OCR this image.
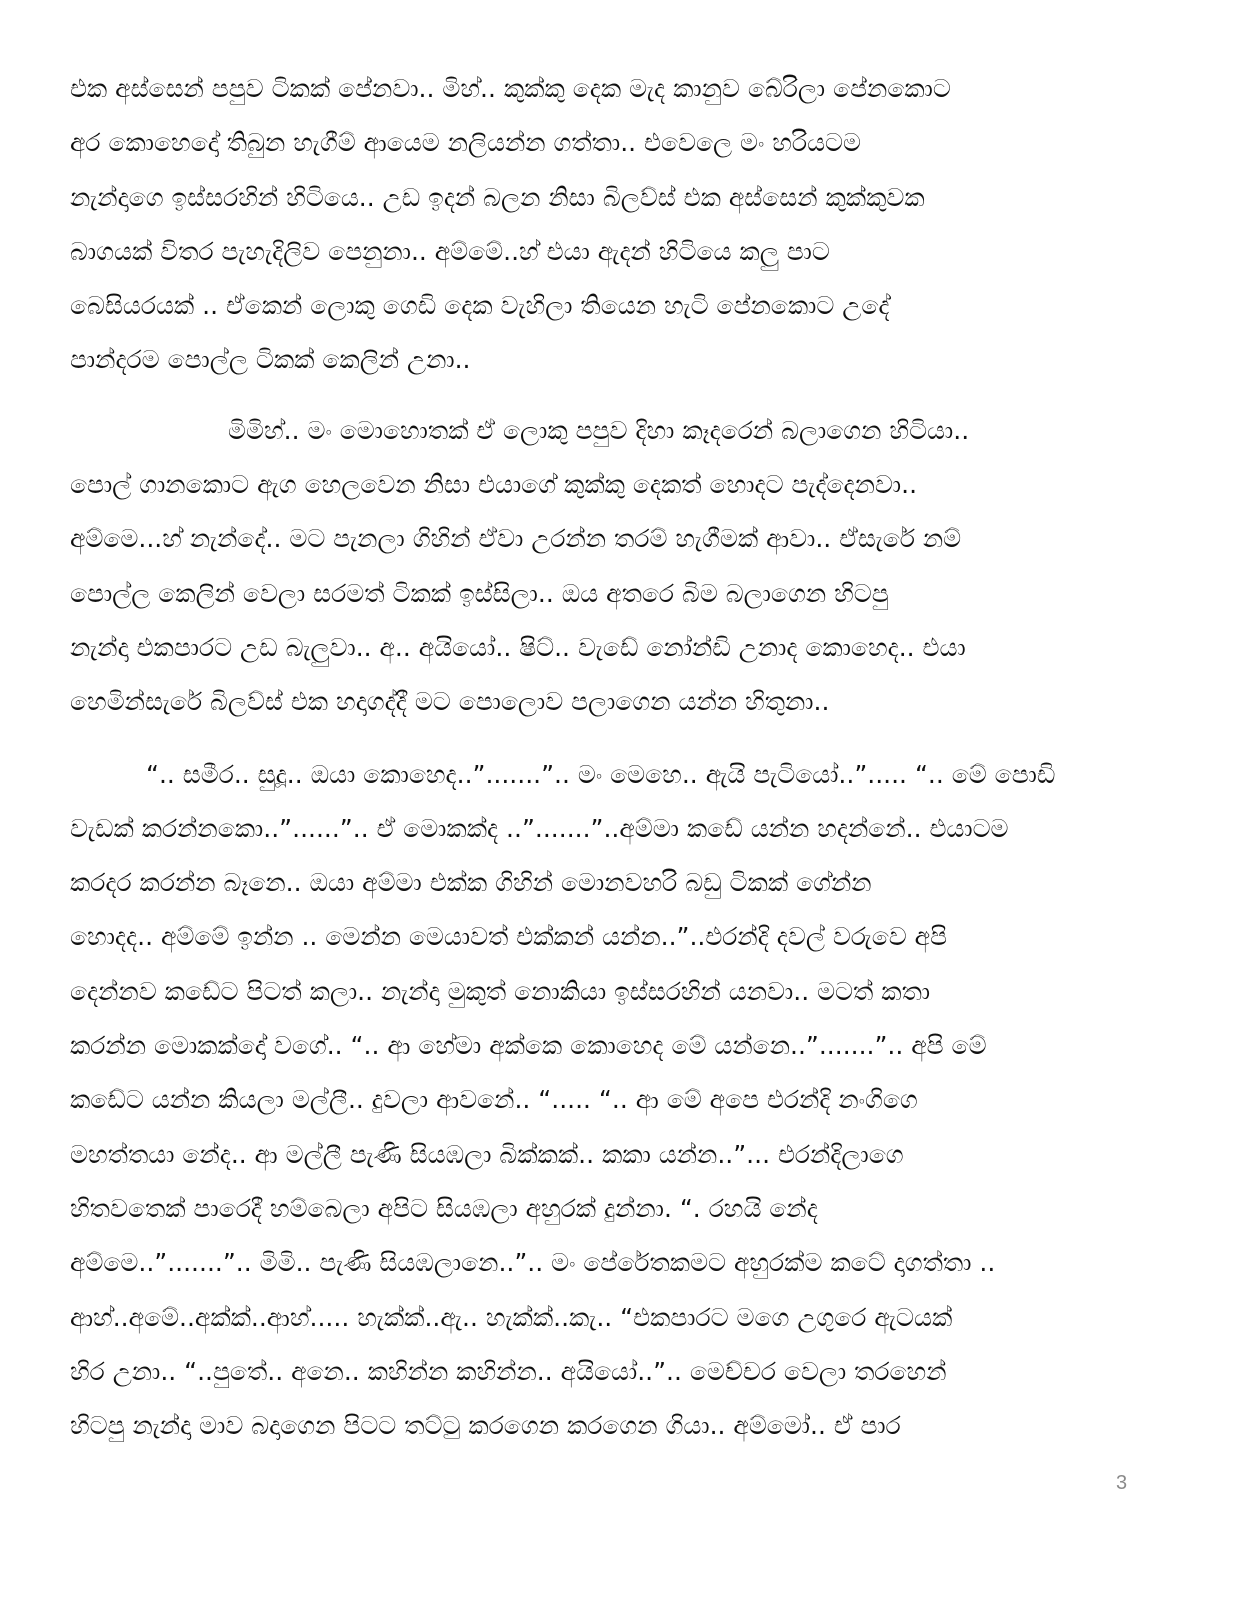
එක අස්සෙන් පපුව ටිකක් පේනවා.. මිහ්.. කුක්කු දෙක මැද කානුව බේරිලා පේනකොට
අර කොහෙදෝ තිබුන හැගීම් ආයෙම නලියන්න ගත්තා.. එවෙලෙ මං හරියටම
නැන්දාගෙ ඉස්සරහින් හිටියෙ.. උඩ ඉදන් බලන නිසා බිලව්ස් එක අස්සෙන් කුක්කුවක
බාගයක් විතර පැහැදිලිව පෙනුනා.. අම්මේ..හ් එයා ඇදන් හිටියෙ කලු පාට
බෙසියරයක් .. ඒකෙන් ලොකු ගෙඩි දෙක වැහිලා තියෙන හැටි පේනකොට උදේ
පාන්දරම පොල්ල ටිකක් කෙලින් උනා..

මිමිහ්.. මං මොහොතක් ඒ ලොකු පපුව දිහා කෑදරෙන් බලාගෙන හිටියා..
පොල් ගානකොට ඇග හෙලවෙන නිසා එයාගේ කුක්කු දෙකත් හොදට පැද්දෙනවා..
අම්මෙ...හ් නැන්දේ.. මට පැනලා ගිහින් ඒවා උරන්න තරම් හැගීමක් ආවා.. ඒසැරේ නම්
පොල්ල කෙලින් වෙලා සරමත් ටිකක් ඉස්සිලා.. ඔය අතරෙ බිම බලාගෙන හිටපු
නැන්දා එකපාරට උඩ බැලුවා.. අ.. අයියෝ.. ෂිට්.. වැඩේ නෝන්ඩි උනාද කොහෙද.. එයා
හෙමින්සැරේ බිලව්ස් එක හදාගද්දී මට පොලොව පලාගෙන යන්න හිතුනා..

“.. සමීර.. සුදූ.. ඔයා කොහෙද..”.......”.. මං මෙහෙ.. ඇයි පැටියෝ..”..... “.. මේ පොඩි
වැඩක් කරන්නකො..”......”.. ඒ මොකක්ද ..”.......”..අම්මා කඩේ යන්න හදන්නේ.. එයාටම
කරදර කරන්න බෑනෙ.. ඔයා අම්මා එක්ක ගිහින් මොනවහරි බඩු ටිකක් ගේන්න
හොදද.. අම්මේ ඉන්න .. මෙන්න මෙයාවත් එක්කන් යන්න..”..එරන්දි දවල් වරුවෙ අපි
දෙන්නව කඩේට පිටත් කලා.. නැන්දා මුකුත් නොකියා ඉස්සරහින් යනවා.. මටත් කතා
කරන්න මොකක්දෝ වගේ.. “.. ආ හේමා අක්කෙ කොහෙද මේ යන්නෙ..”.......”.. අපි මේ
කඩේට යන්න කියලා මල්ලී.. දුවලා ආවනේ.. “..... “.. ආ මේ අපෙ එරන්දි නංගිගෙ
මහත්තයා නේද.. ආ මල්ලී පැණි සියඹලා බික්කක්.. කකා යන්න..”... එරන්දිලාගෙ
හිතවතෙක් පාරෙදී හම්බෙලා අපිට සියඹලා අහුරක් දුන්නා. “. රහයි නේද
අම්මෙ..”.......”.. මිමි.. පැණි සියඹලානෙ..”.. මං පේරේතකමට අහුරක්ම කටේ දාගත්තා ..
ආහ්..අමේ..අක්ක්..ආහ්..... හැක්ක්..ඇ.. හැක්ක්..කැ.. “එකපාරට මගෙ උගුරෙ ඇටයක්
හිර උනා.. “..පුතේ.. අනෙ.. කහින්න කහින්න.. අයියෝ..”.. මෙච්චර වෙලා තරහෙන්
හිටපු නැන්දා මාව බදාගෙන පිටට තට්ටු කරගෙන කරගෙන ගියා.. අම්මෝ.. ඒ පාර

3
